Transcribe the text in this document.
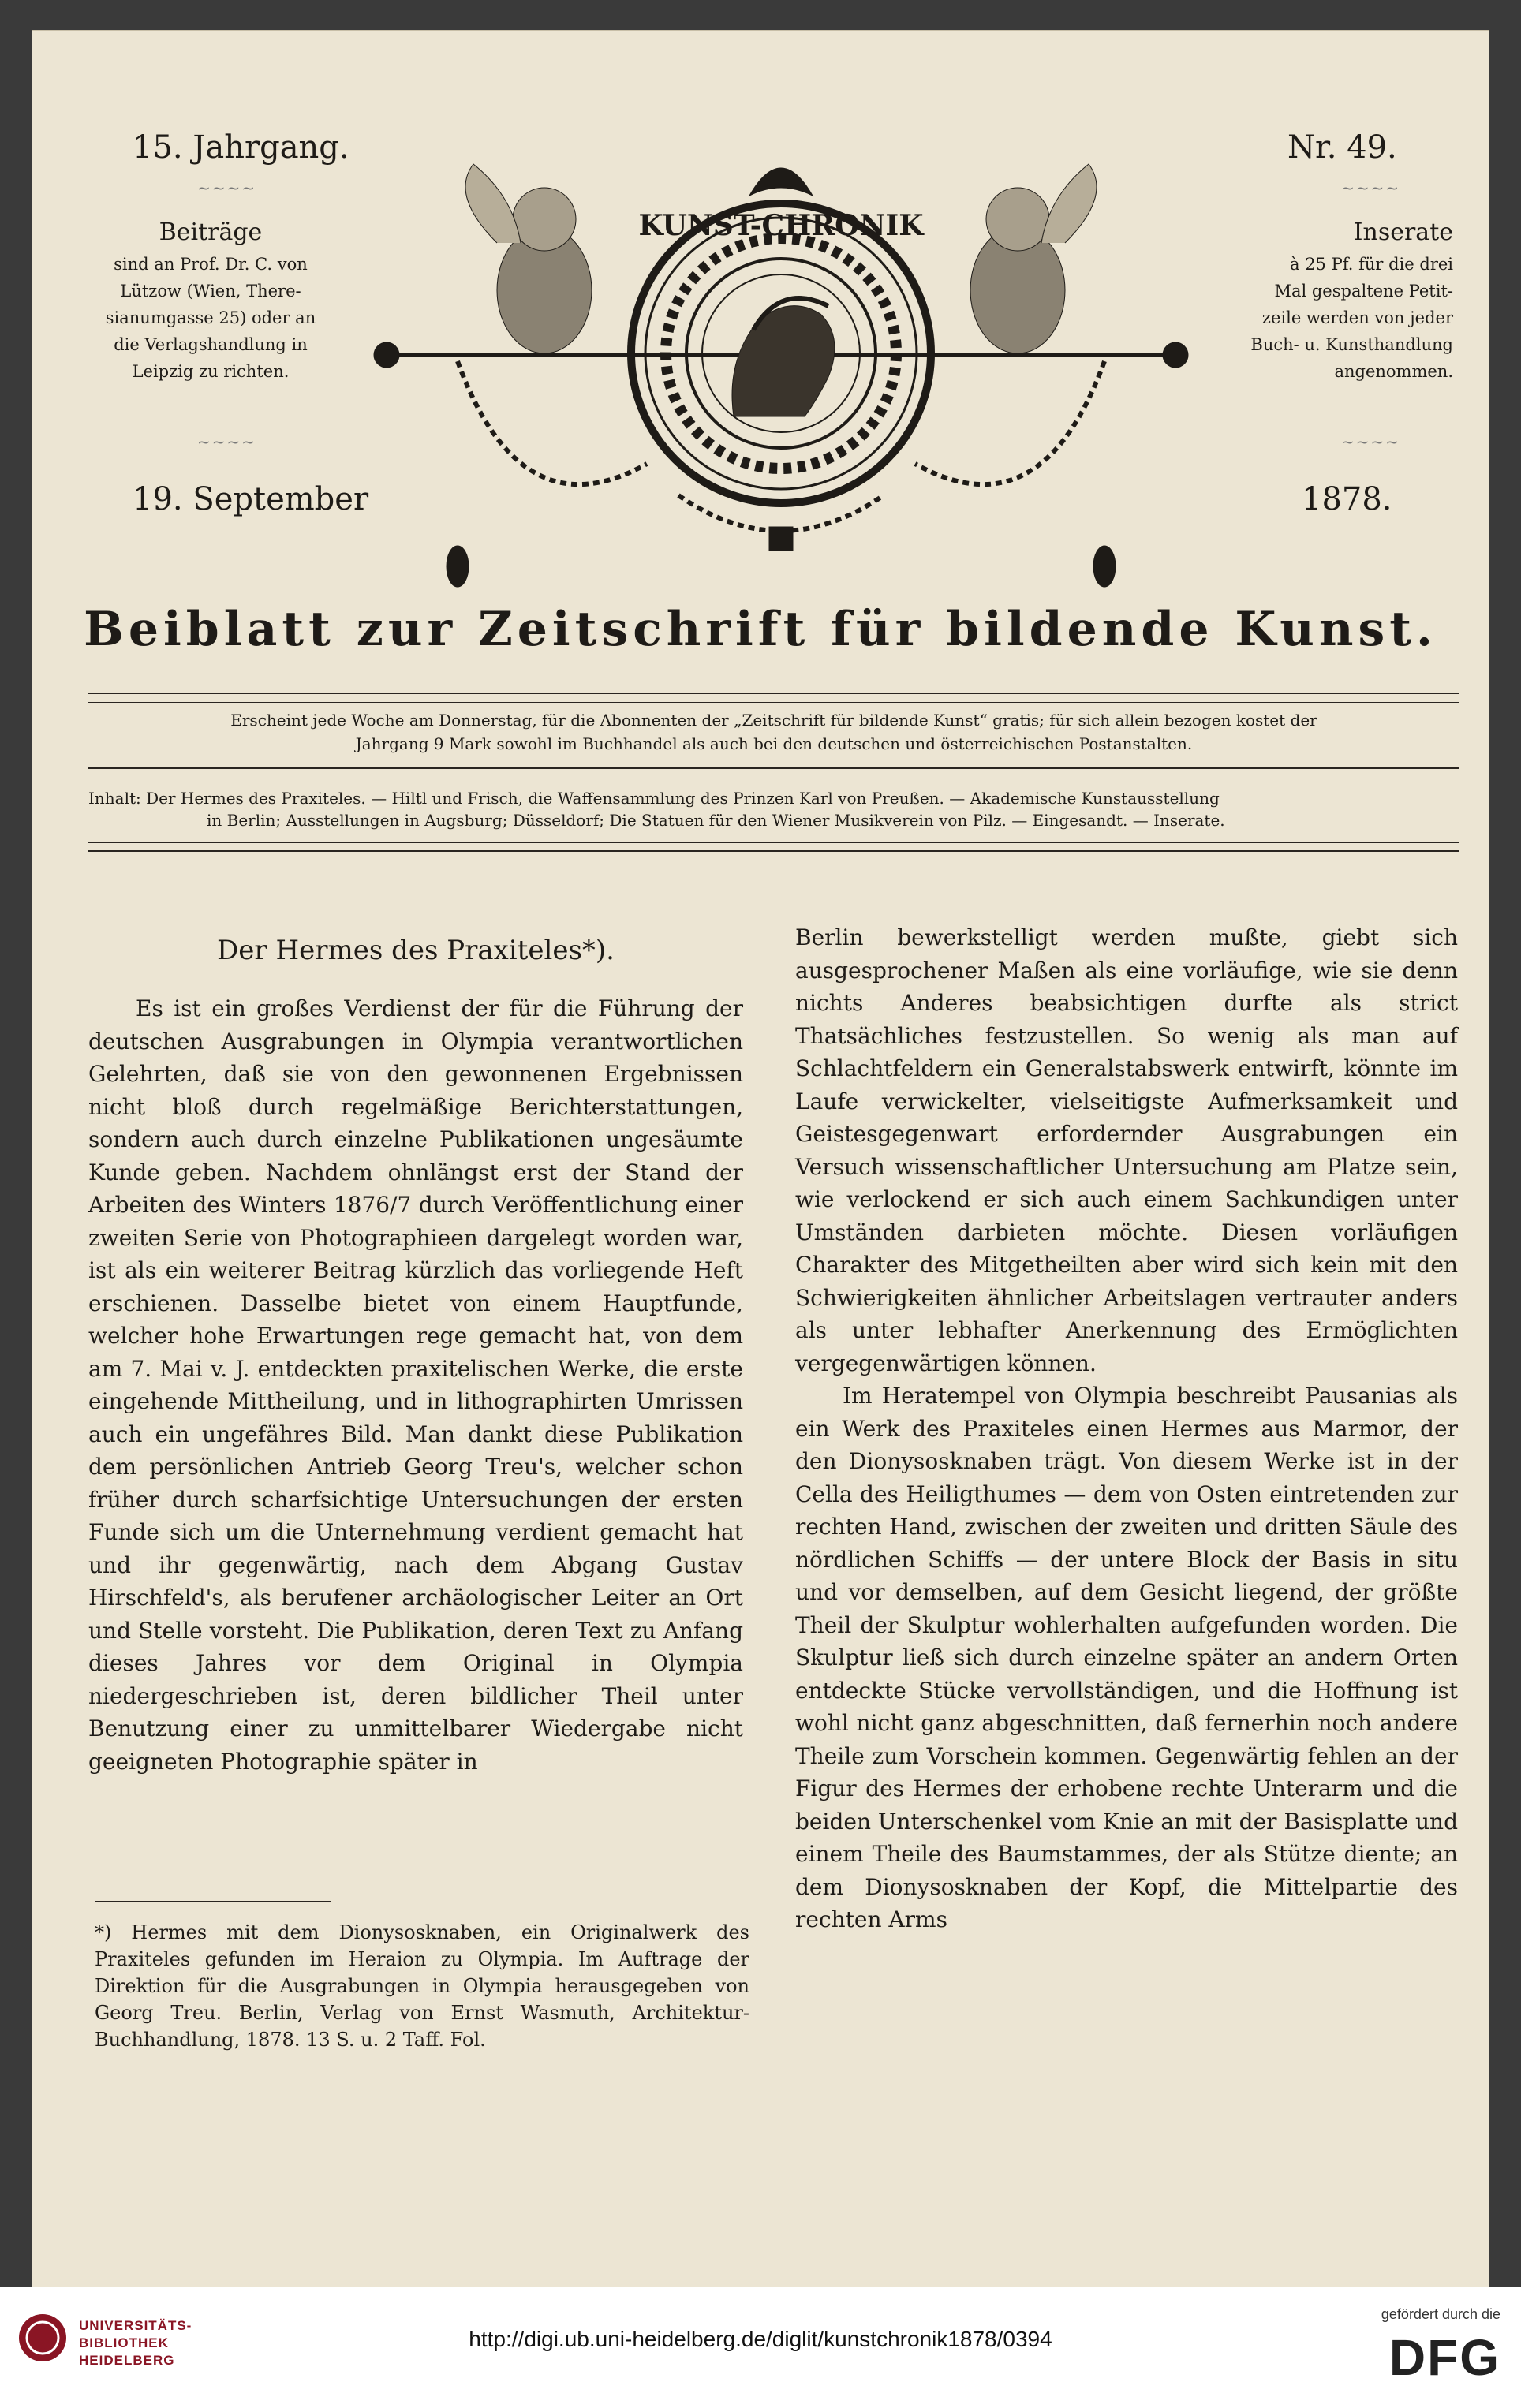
15. Jahrgang.	Nr. 49.
~~~~	~~~~
Beiträge
sind an Prof. Dr. C. von
Lützow (Wien, There-
sianumgasse 25) oder an
die Verlagshandlung in
Leipzig zu richten.
Inserate
à 25 Pf. für die drei
Mal gespaltene Petit-
zeile werden von jeder
Buch- u. Kunsthandlung
angenommen.
~~~~	~~~~
19. September	1878.
KUNST-CHRONIK
Beiblatt zur Zeitschrift für bildende Kunst.
Erscheint jede Woche am Donnerstag, für die Abonnenten der „Zeitschrift für bildende Kunst“ gratis; für sich allein bezogen kostet der
Jahrgang 9 Mark sowohl im Buchhandel als auch bei den deutschen und österreichischen Postanstalten.
Inhalt: Der Hermes des Praxiteles. — Hiltl und Frisch, die Waffensammlung des Prinzen Karl von Preußen. — Akademische Kunstausstellung
in Berlin; Ausstellungen in Augsburg; Düsseldorf; Die Statuen für den Wiener Musikverein von Pilz. — Eingesandt. — Inserate.
Der Hermes des Praxiteles*).

Es ist ein großes Verdienst der für die Führung der deutschen Ausgrabungen in Olympia verantwortlichen Gelehrten, daß sie von den gewonnenen Ergebnissen nicht bloß durch regelmäßige Berichterstattungen, sondern auch durch einzelne Publikationen ungesäumte Kunde geben. Nachdem ohnlängst erst der Stand der Arbeiten des Winters 1876/7 durch Veröffentlichung einer zweiten Serie von Photographieen dargelegt worden war, ist als ein weiterer Beitrag kürzlich das vorliegende Heft erschienen. Dasselbe bietet von einem Hauptfunde, welcher hohe Erwartungen rege gemacht hat, von dem am 7. Mai v. J. entdeckten praxitelischen Werke, die erste eingehende Mittheilung, und in lithographirten Umrissen auch ein ungefähres Bild. Man dankt diese Publikation dem persönlichen Antrieb Georg Treu's, welcher schon früher durch scharfsichtige Untersuchungen der ersten Funde sich um die Unternehmung verdient gemacht hat und ihr gegenwärtig, nach dem Abgang Gustav Hirschfeld's, als berufener archäologischer Leiter an Ort und Stelle vorsteht. Die Publikation, deren Text zu Anfang dieses Jahres vor dem Original in Olympia niedergeschrieben ist, deren bildlicher Theil unter Benutzung einer zu unmittelbarer Wiedergabe nicht geeigneten Photographie später in

Berlin bewerkstelligt werden mußte, giebt sich ausgesprochener Maßen als eine vorläufige, wie sie denn nichts Anderes beabsichtigen durfte als strict Thatsächliches festzustellen. So wenig als man auf Schlachtfeldern ein Generalstabswerk entwirft, könnte im Laufe verwickelter, vielseitigste Aufmerksamkeit und Geistesgegenwart erfordernder Ausgrabungen ein Versuch wissenschaftlicher Untersuchung am Platze sein, wie verlockend er sich auch einem Sachkundigen unter Umständen darbieten möchte. Diesen vorläufigen Charakter des Mitgetheilten aber wird sich kein mit den Schwierigkeiten ähnlicher Arbeitslagen vertrauter anders als unter lebhafter Anerkennung des Ermöglichten vergegenwärtigen können.

Im Heratempel von Olympia beschreibt Pausanias als ein Werk des Praxiteles einen Hermes aus Marmor, der den Dionysosknaben trägt. Von diesem Werke ist in der Cella des Heiligthumes — dem von Osten eintretenden zur rechten Hand, zwischen der zweiten und dritten Säule des nördlichen Schiffs — der untere Block der Basis in situ und vor demselben, auf dem Gesicht liegend, der größte Theil der Skulptur wohlerhalten aufgefunden worden. Die Skulptur ließ sich durch einzelne später an andern Orten entdeckte Stücke vervollständigen, und die Hoffnung ist wohl nicht ganz abgeschnitten, daß fernerhin noch andere Theile zum Vorschein kommen. Gegenwärtig fehlen an der Figur des Hermes der erhobene rechte Unterarm und die beiden Unterschenkel vom Knie an mit der Basisplatte und einem Theile des Baumstammes, der als Stütze diente; an dem Dionysosknaben der Kopf, die Mittelpartie des rechten Arms

*) Hermes mit dem Dionysosknaben, ein Originalwerk des Praxiteles gefunden im Heraion zu Olympia. Im Auftrage der Direktion für die Ausgrabungen in Olympia herausgegeben von Georg Treu. Berlin, Verlag von Ernst Wasmuth, Architektur-Buchhandlung, 1878. 13 S. u. 2 Taff. Fol.
UNIVERSITÄTS-
BIBLIOTHEK
HEIDELBERG
http://digi.ub.uni-heidelberg.de/diglit/kunstchronik1878/0394
gefördert durch die
DFG
